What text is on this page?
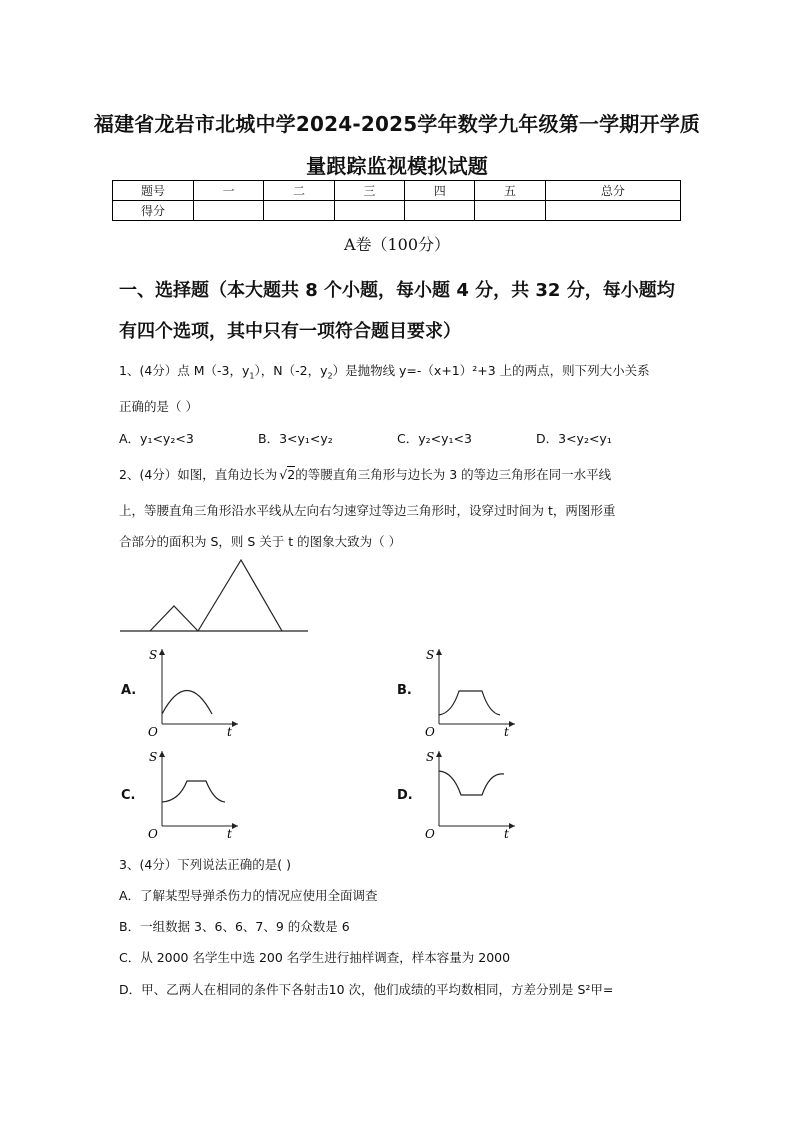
福建省龙岩市北城中学2024-2025学年数学九年级第一学期开学质
量跟踪监视模拟试题
题号	一	二	三	四	五	总分
得分						
A卷（100分）
一、选择题（本大题共 8 个小题，每小题 4 分，共 32 分，每小题均
有四个选项，其中只有一项符合题目要求）
1、(4分）点 M（-3，$y_1$），N（-2，$y_2$）是抛物线 y=-（x+1）²+3 上的两点，则下列大小关系
正确的是（ ）
A．y₁<y₂<3	B．3<y₁<y₂	C．y₂<y₁<3	D．3<y₂<y₁
2、(4分）如图，直角边长为 √2的等腰直角三角形与边长为 3 的等边三角形在同一水平线
上，等腰直角三角形沿水平线从左向右匀速穿过等边三角形时，设穿过时间为 t，两图形重
合部分的面积为 S，则 S 关于 t 的图象大致为（ ）
A.
S
t
O
B.
S
t
O
C.
S
t
O
D.
S
t
O
3、(4分）下列说法正确的是( )
A．了解某型导弹杀伤力的情况应使用全面调查
B．一组数据 3、6、6、7、9 的众数是 6
C．从 2000 名学生中选 200 名学生进行抽样调查，样本容量为 2000
D．甲、乙两人在相同的条件下各射击10 次，他们成绩的平均数相同，方差分别是 S²甲=
